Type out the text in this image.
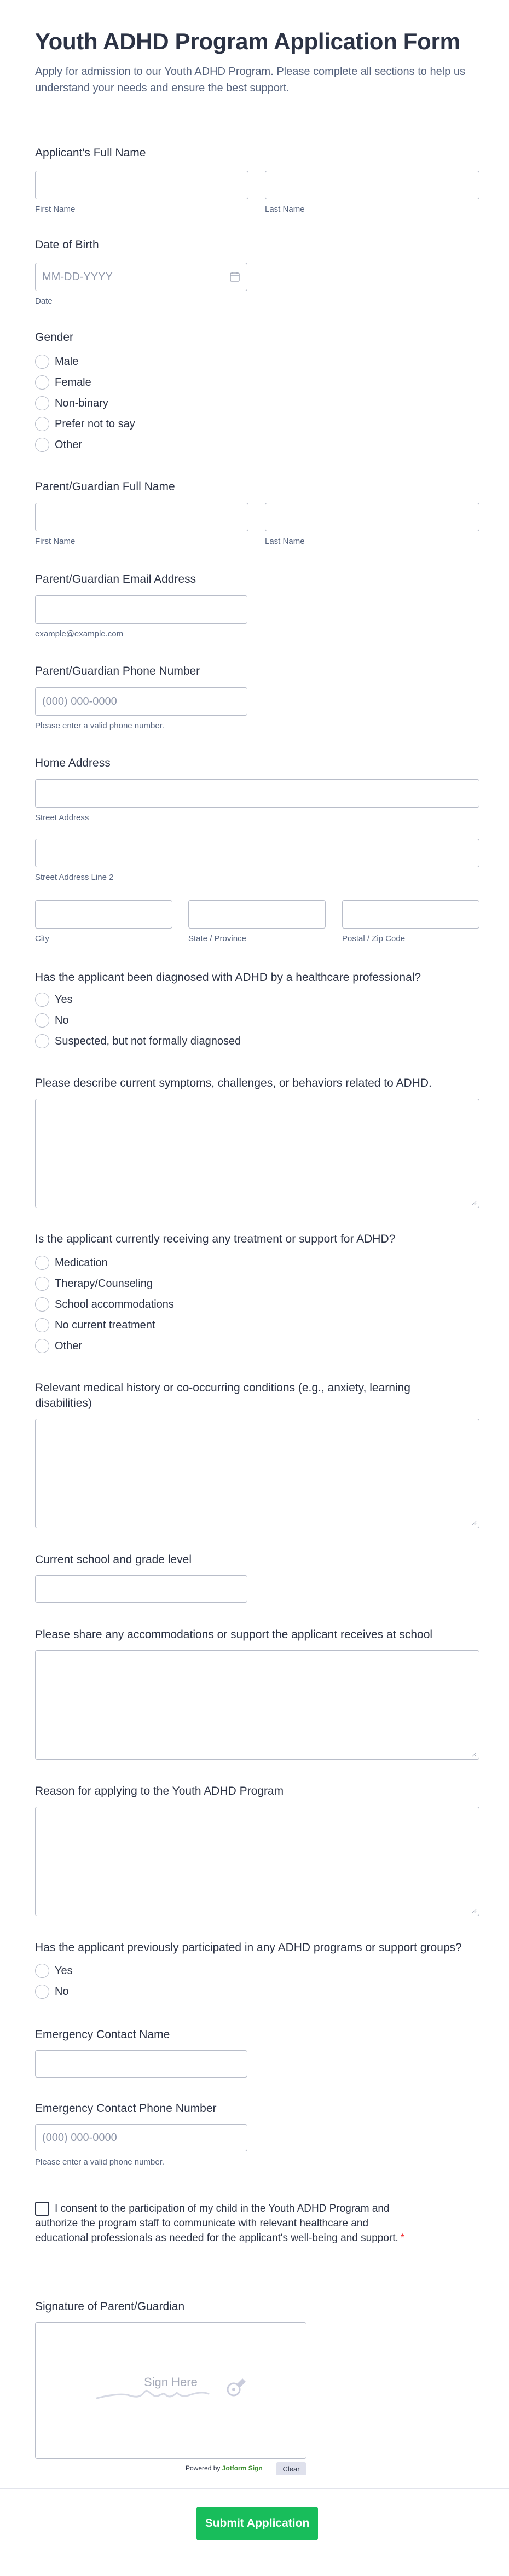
Youth ADHD Program Application Form

Apply for admission to our Youth ADHD Program. Please complete all sections to help us understand your needs and ensure the best support.

Applicant's Full Name
First Name	Last Name
Date of Birth
MM-DD-YYYY
Date
Gender
Male
Female
Non-binary
Prefer not to say
Other
Parent/Guardian Full Name
First Name	Last Name
Parent/Guardian Email Address
example@example.com
Parent/Guardian Phone Number
(000) 000-0000
Please enter a valid phone number.
Home Address
Street Address
Street Address Line 2
City	State / Province	Postal / Zip Code
Has the applicant been diagnosed with ADHD by a healthcare professional?
Yes
No
Suspected, but not formally diagnosed
Please describe current symptoms, challenges, or behaviors related to ADHD.
Is the applicant currently receiving any treatment or support for ADHD?
Medication
Therapy/Counseling
School accommodations
No current treatment
Other
Relevant medical history or co-occurring conditions (e.g., anxiety, learning disabilities)
Current school and grade level
Please share any accommodations or support the applicant receives at school
Reason for applying to the Youth ADHD Program
Has the applicant previously participated in any ADHD programs or support groups?
Yes
No
Emergency Contact Name
Emergency Contact Phone Number
(000) 000-0000
Please enter a valid phone number.
I consent to the participation of my child in the Youth ADHD Program and authorize the program staff to communicate with relevant healthcare and educational professionals as needed for the applicant's well-being and support. *
Signature of Parent/Guardian
Sign Here
Powered by Jotform Sign	Clear
Submit Application
